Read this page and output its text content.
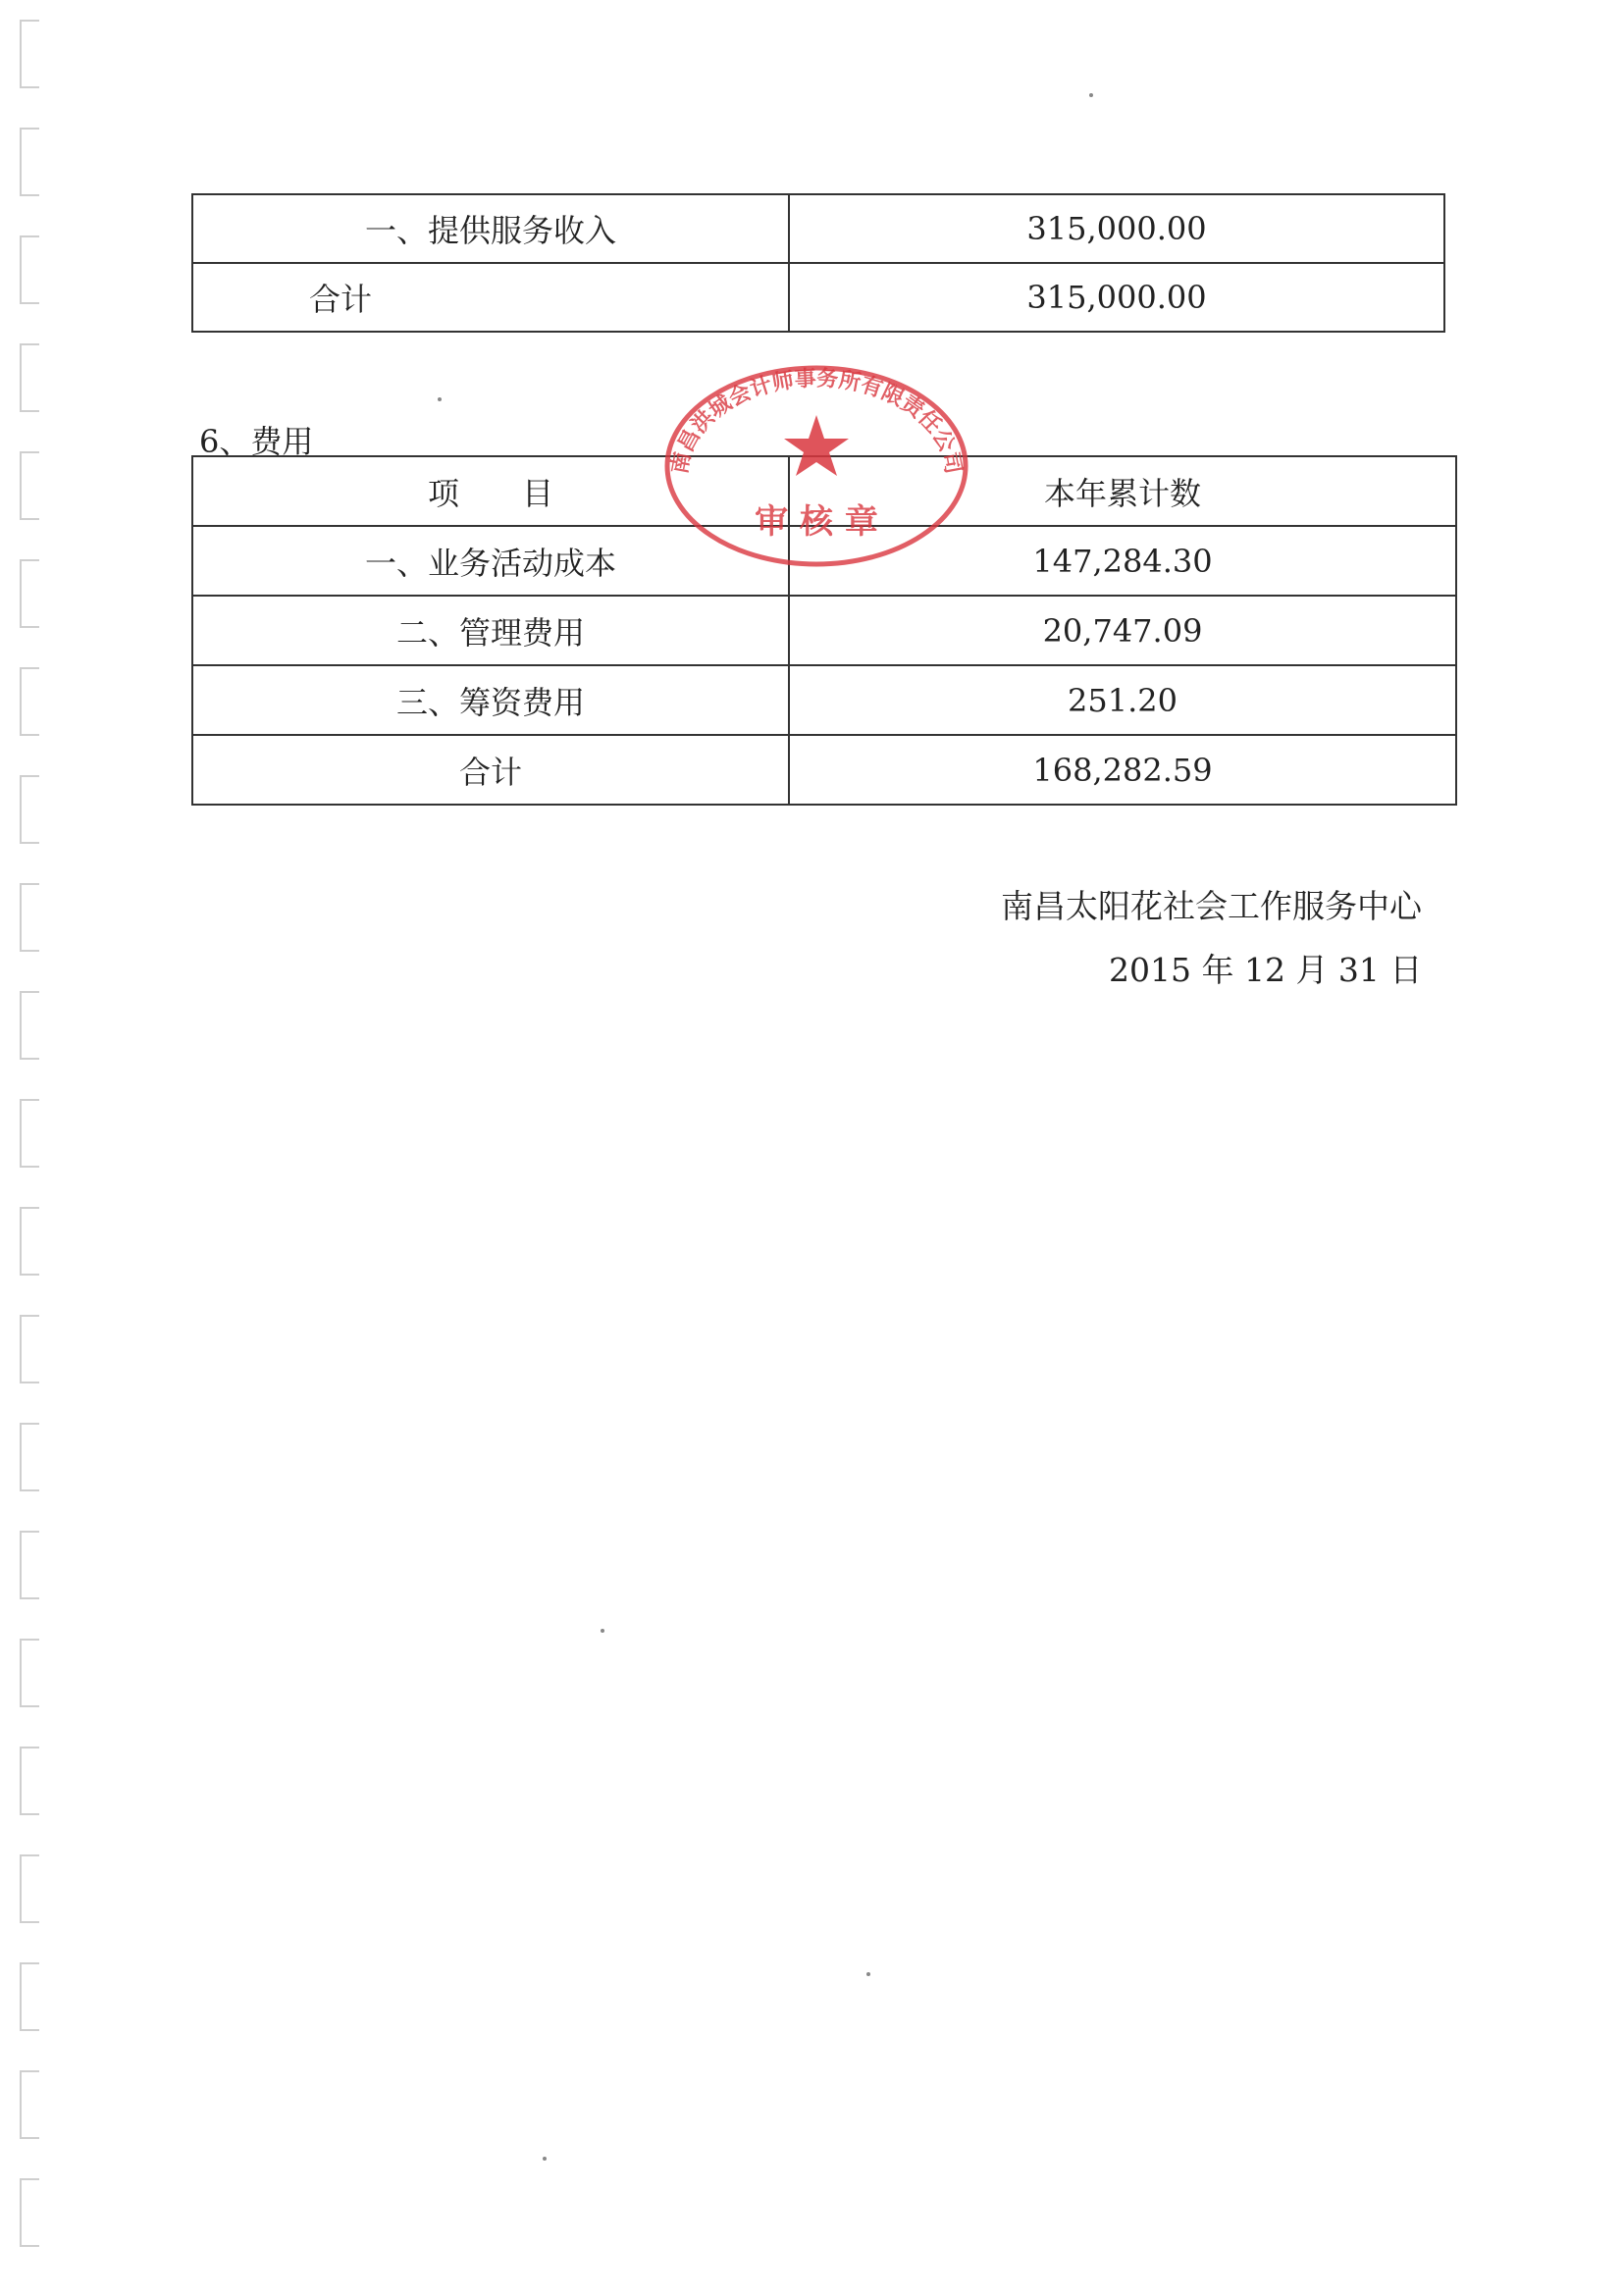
一、提供服务收入	315,000.00
合计	315,000.00
6、费用
项　　目	本年累计数
一、业务活动成本	147,284.30
二、管理费用	20,747.09
三、筹资费用	251.20
合计	168,282.59
南昌洪城会计师事务所有限责任公司
审 核 章
南昌太阳花社会工作服务中心
2015 年 12 月 31 日
